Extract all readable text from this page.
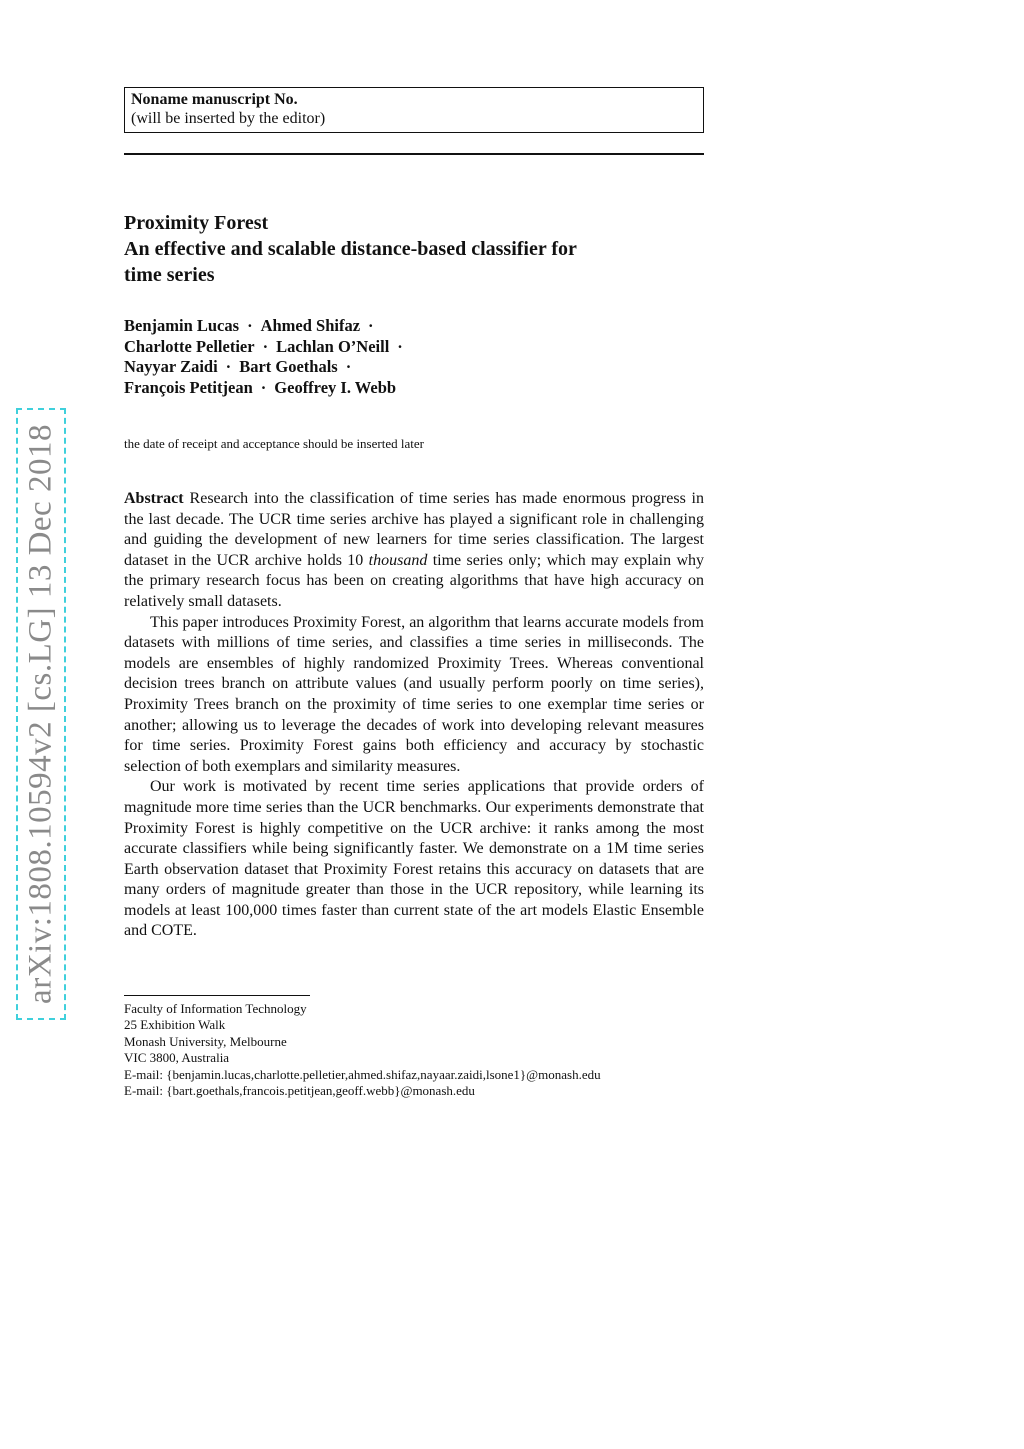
arXiv:1808.10594v2 [cs.LG] 13 Dec 2018
Noname manuscript No.
(will be inserted by the editor)
Proximity Forest
An effective and scalable distance-based classifier for
time series
Benjamin Lucas · Ahmed Shifaz ·
Charlotte Pelletier · Lachlan O’Neill ·
Nayyar Zaidi · Bart Goethals ·
François Petitjean · Geoffrey I. Webb
the date of receipt and acceptance should be inserted later

Abstract Research into the classification of time series has made enormous progress in the last decade. The UCR time series archive has played a significant role in challenging and guiding the development of new learners for time series classification. The largest dataset in the UCR archive holds 10 thousand time series only; which may explain why the primary research focus has been on creating algorithms that have high accuracy on relatively small datasets.

This paper introduces Proximity Forest, an algorithm that learns accurate models from datasets with millions of time series, and classifies a time series in milliseconds. The models are ensembles of highly randomized Proximity Trees. Whereas conventional decision trees branch on attribute values (and usually perform poorly on time series), Proximity Trees branch on the proximity of time series to one exemplar time series or another; allowing us to leverage the decades of work into developing relevant measures for time series. Proximity Forest gains both efficiency and accuracy by stochastic selection of both exemplars and similarity measures.

Our work is motivated by recent time series applications that provide orders of magnitude more time series than the UCR benchmarks. Our experiments demonstrate that Proximity Forest is highly competitive on the UCR archive: it ranks among the most accurate classifiers while being significantly faster. We demonstrate on a 1M time series Earth observation dataset that Proximity Forest retains this accuracy on datasets that are many orders of magnitude greater than those in the UCR repository, while learning its models at least 100,000 times faster than current state of the art models Elastic Ensemble and COTE.

Faculty of Information Technology
25 Exhibition Walk
Monash University, Melbourne
VIC 3800, Australia
E-mail: {benjamin.lucas,charlotte.pelletier,ahmed.shifaz,nayaar.zaidi,lsone1}@monash.edu
E-mail: {bart.goethals,francois.petitjean,geoff.webb}@monash.edu
